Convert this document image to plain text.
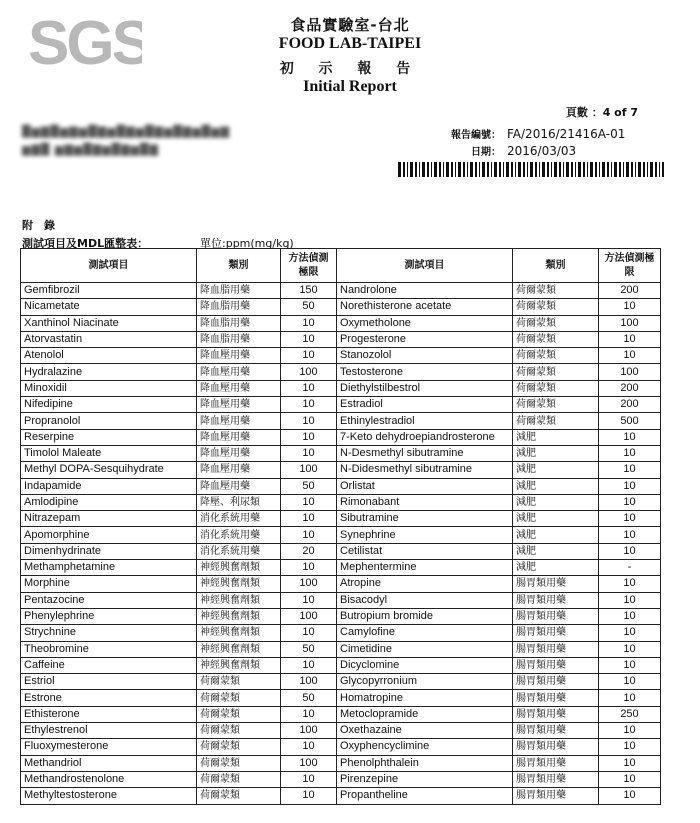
SGS	食品實驗室-台北
FOOD LAB-TAIPEI
初 示 報 告
Initial Report
頁數 ：4 of 7
█▆▇█▆▇▆█▇▆█▇▆█▇▆█▇▆█▆▇
▆▇█ ▆▇▆█▇▆█▇▆█▇
報告編號： FA/2016/21416A-01
日期： 2016/03/03
附　錄
測試項目及MDL匯整表：	單位:ppm(mg/kg)
測試項目	類別	方法偵測極限	測試項目	類別	方法偵測極限
Gemfibrozil	降血脂用藥	150	Nandrolone	荷爾蒙類	200
Nicametate	降血脂用藥	50	Norethisterone acetate	荷爾蒙類	10
Xanthinol Niacinate	降血脂用藥	10	Oxymetholone	荷爾蒙類	100
Atorvastatin	降血脂用藥	10	Progesterone	荷爾蒙類	10
Atenolol	降血壓用藥	10	Stanozolol	荷爾蒙類	10
Hydralazine	降血壓用藥	100	Testosterone	荷爾蒙類	100
Minoxidil	降血壓用藥	10	Diethylstilbestrol	荷爾蒙類	200
Nifedipine	降血壓用藥	10	Estradiol	荷爾蒙類	200
Propranolol	降血壓用藥	10	Ethinylestradiol	荷爾蒙類	500
Reserpine	降血壓用藥	10	7-Keto dehydroepiandrosterone	減肥	10
Timolol Maleate	降血壓用藥	10	N-Desmethyl sibutramine	減肥	10
Methyl DOPA-Sesquihydrate	降血壓用藥	100	N-Didesmethyl sibutramine	減肥	10
Indapamide	降血壓用藥	50	Orlistat	減肥	10
Amlodipine	降壓、利尿類	10	Rimonabant	減肥	10
Nitrazepam	消化系統用藥	10	Sibutramine	減肥	10
Apomorphine	消化系統用藥	10	Synephrine	減肥	10
Dimenhydrinate	消化系統用藥	20	Cetilistat	減肥	10
Methamphetamine	神經興奮劑類	10	Mephentermine	減肥	-
Morphine	神經興奮劑類	100	Atropine	腸胃類用藥	10
Pentazocine	神經興奮劑類	10	Bisacodyl	腸胃類用藥	10
Phenylephrine	神經興奮劑類	100	Butropium bromide	腸胃類用藥	10
Strychnine	神經興奮劑類	10	Camylofine	腸胃類用藥	10
Theobromine	神經興奮劑類	50	Cimetidine	腸胃類用藥	10
Caffeine	神經興奮劑類	10	Dicyclomine	腸胃類用藥	10
Estriol	荷爾蒙類	100	Glycopyrronium	腸胃類用藥	10
Estrone	荷爾蒙類	50	Homatropine	腸胃類用藥	10
Ethisterone	荷爾蒙類	10	Metoclopramide	腸胃類用藥	250
Ethylestrenol	荷爾蒙類	100	Oxethazaine	腸胃類用藥	10
Fluoxymesterone	荷爾蒙類	10	Oxyphencyclimine	腸胃類用藥	10
Methandriol	荷爾蒙類	100	Phenolphthalein	腸胃類用藥	10
Methandrostenolone	荷爾蒙類	10	Pirenzepine	腸胃類用藥	10
Methyltestosterone	荷爾蒙類	10	Propantheline	腸胃類用藥	10
